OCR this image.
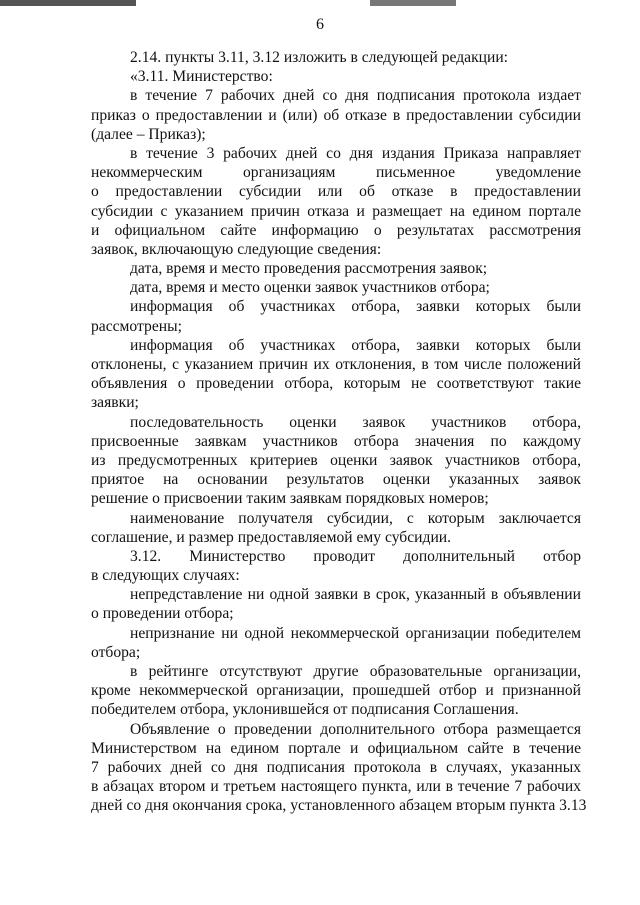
6
2.14. пункты 3.11, 3.12 изложить в следующей редакции:
«3.11. Министерство:
в течение 7 рабочих дней со дня подписания протокола издает
приказ о предоставлении и (или) об отказе в предоставлении субсидии
(далее – Приказ);
в течение 3 рабочих дней со дня издания Приказа направляет
некоммерческим организациям письменное уведомление
о предоставлении субсидии или об отказе в предоставлении
субсидии с указанием причин отказа и размещает на едином портале
и официальном сайте информацию о результатах рассмотрения
заявок, включающую следующие сведения:
дата, время и место проведения рассмотрения заявок;
дата, время и место оценки заявок участников отбора;
информация об участниках отбора, заявки которых были
рассмотрены;
информация об участниках отбора, заявки которых были
отклонены, с указанием причин их отклонения, в том числе положений
объявления о проведении отбора, которым не соответствуют такие
заявки;
последовательность оценки заявок участников отбора,
присвоенные заявкам участников отбора значения по каждому
из предусмотренных критериев оценки заявок участников отбора,
приятое на основании результатов оценки указанных заявок
решение о присвоении таким заявкам порядковых номеров;
наименование получателя субсидии, с которым заключается
соглашение, и размер предоставляемой ему субсидии.
3.12. Министерство проводит дополнительный отбор
в следующих случаях:
непредставление ни одной заявки в срок, указанный в объявлении
о проведении отбора;
непризнание ни одной некоммерческой организации победителем
отбора;
в рейтинге отсутствуют другие образовательные организации,
кроме некоммерческой организации, прошедшей отбор и признанной
победителем отбора, уклонившейся от подписания Соглашения.
Объявление о проведении дополнительного отбора размещается
Министерством на едином портале и официальном сайте в течение
7 рабочих дней со дня подписания протокола в случаях, указанных
в абзацах втором и третьем настоящего пункта, или в течение 7 рабочих
дней со дня окончания срока, установленного абзацем вторым пункта 3.13
